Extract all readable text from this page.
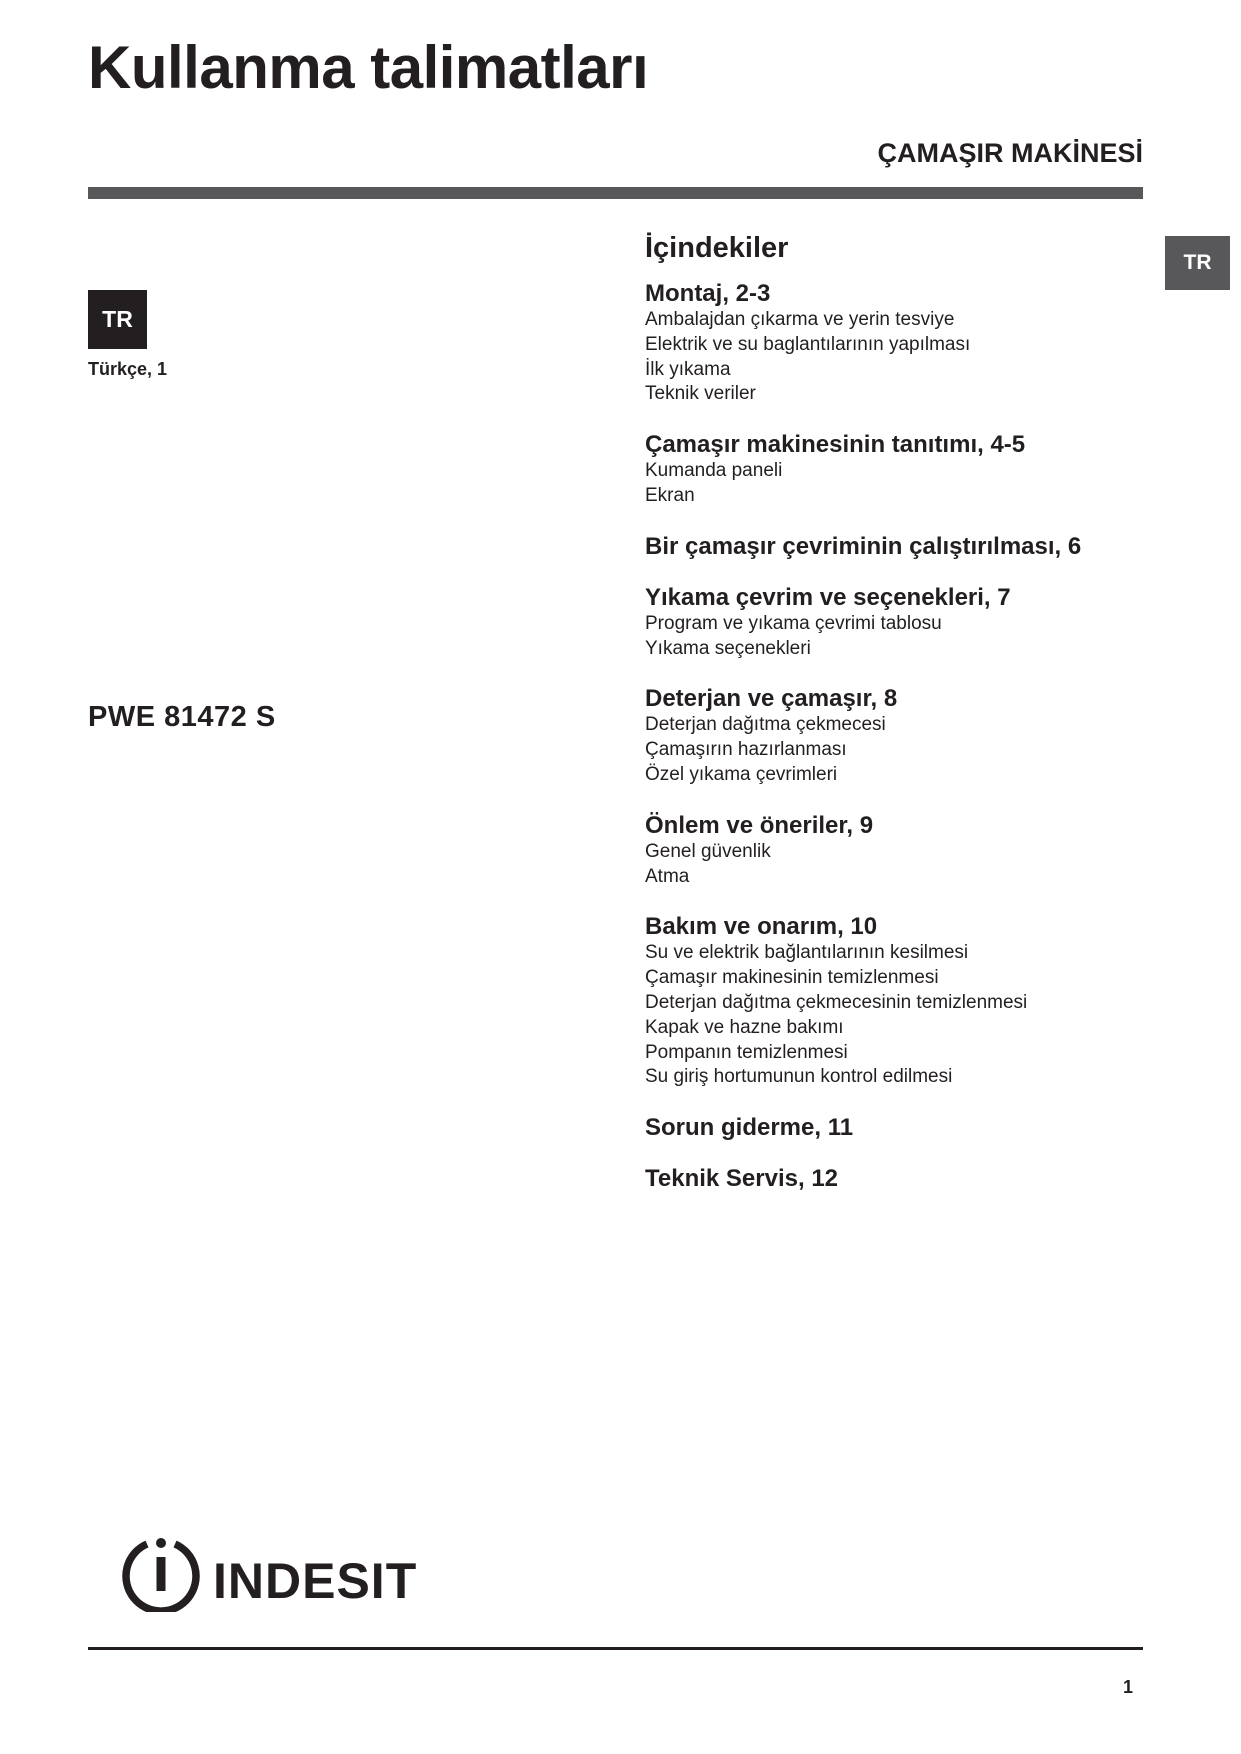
Kullanma talimatları
ÇAMAŞIR MAKİNESİ
TR
TR
Türkçe, 1
PWE 81472 S
İçindekiler
Montaj, 2-3
Ambalajdan çıkarma ve yerin tesviye
Elektrik ve su baglantılarının yapılması
İlk yıkama
Teknik veriler
Çamaşır makinesinin tanıtımı, 4-5
Kumanda paneli
Ekran
Bir çamaşır çevriminin çalıştırılması, 6
Yıkama çevrim ve seçenekleri, 7
Program ve yıkama çevrimi tablosu
Yıkama seçenekleri
Deterjan ve çamaşır, 8
Deterjan dağıtma çekmecesi
Çamaşırın hazırlanması
Özel yıkama çevrimleri
Önlem ve öneriler, 9
Genel güvenlik
Atma
Bakım ve onarım, 10
Su ve elektrik bağlantılarının kesilmesi
Çamaşır makinesinin temizlenmesi
Deterjan dağıtma çekmecesinin temizlenmesi
Kapak ve hazne bakımı
Pompanın temizlenmesi
Su giriş hortumunun kontrol edilmesi
Sorun giderme, 11
Teknik Servis, 12
INDESIT
1
